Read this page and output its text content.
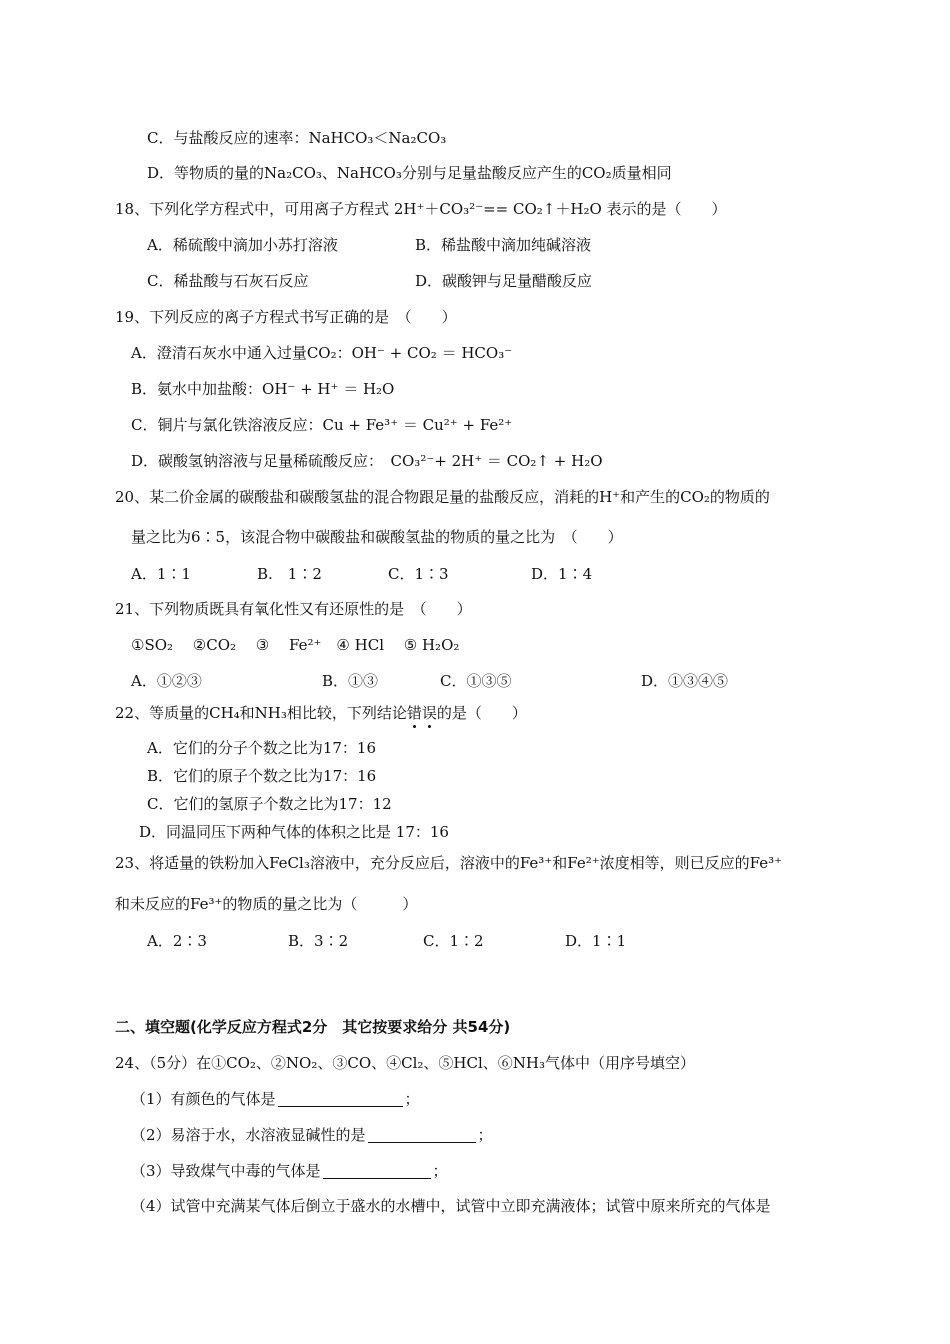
C．与盐酸反应的速率：NaHCO₃＜Na₂CO₃
D．等物质的量的Na₂CO₃、NaHCO₃分别与足量盐酸反应产生的CO₂质量相同
18、下列化学方程式中，可用离子方程式 2H⁺＋CO₃²⁻== CO₂↑＋H₂O 表示的是（　　）
A．稀硫酸中滴加小苏打溶液	B．稀盐酸中滴加纯碱溶液
C．稀盐酸与石灰石反应	D．碳酸钾与足量醋酸反应
19、下列反应的离子方程式书写正确的是　（　　）
A．澄清石灰水中通入过量CO₂：OH⁻ + CO₂ ＝ HCO₃⁻
B．氨水中加盐酸：OH⁻ + H⁺ ＝ H₂O
C．铜片与氯化铁溶液反应：Cu + Fe³⁺ ＝ Cu²⁺ + Fe²⁺
D．碳酸氢钠溶液与足量稀硫酸反应：　CO₃²⁻+ 2H⁺ ＝ CO₂↑ + H₂O
20、某二价金属的碳酸盐和碳酸氢盐的混合物跟足量的盐酸反应，消耗的H⁺和产生的CO₂的物质的
量之比为6∶5，该混合物中碳酸盐和碳酸氢盐的物质的量之比为　（　　）
A．1∶1	B.　1∶2	C．1∶3	D．1∶4
21、下列物质既具有氧化性又有还原性的是　（　　）
①SO₂　 ②CO₂　 ③　 Fe²⁺　④ HCl　 ⑤ H₂O₂
A．①②③	B．①③	C．①③⑤	D．①③④⑤
22、等质量的CH₄和NH₃相比较，下列结论错误的是（　　）
A．它们的分子个数之比为17：16
B．它们的原子个数之比为17：16
C．它们的氢原子个数之比为17：12
D．同温同压下两种气体的体积之比是 17：16
23、将适量的铁粉加入FeCl₃溶液中，充分反应后，溶液中的Fe³⁺和Fe²⁺浓度相等，则已反应的Fe³⁺
和未反应的Fe³⁺的物质的量之比为（　　　）
A．2∶3	B．3∶2	C．1∶2	D．1∶1
二、填空题(化学反应方程式2分　其它按要求给分 共54分)
24、（5分）在①CO₂、②NO₂、③CO、④Cl₂、⑤HCl、⑥NH₃气体中（用序号填空）
（1）有颜色的气体是	；
（2）易溶于水，水溶液显碱性的是	；
（3）导致煤气中毒的气体是	；
（4）试管中充满某气体后倒立于盛水的水槽中，试管中立即充满液体；试管中原来所充的气体是
